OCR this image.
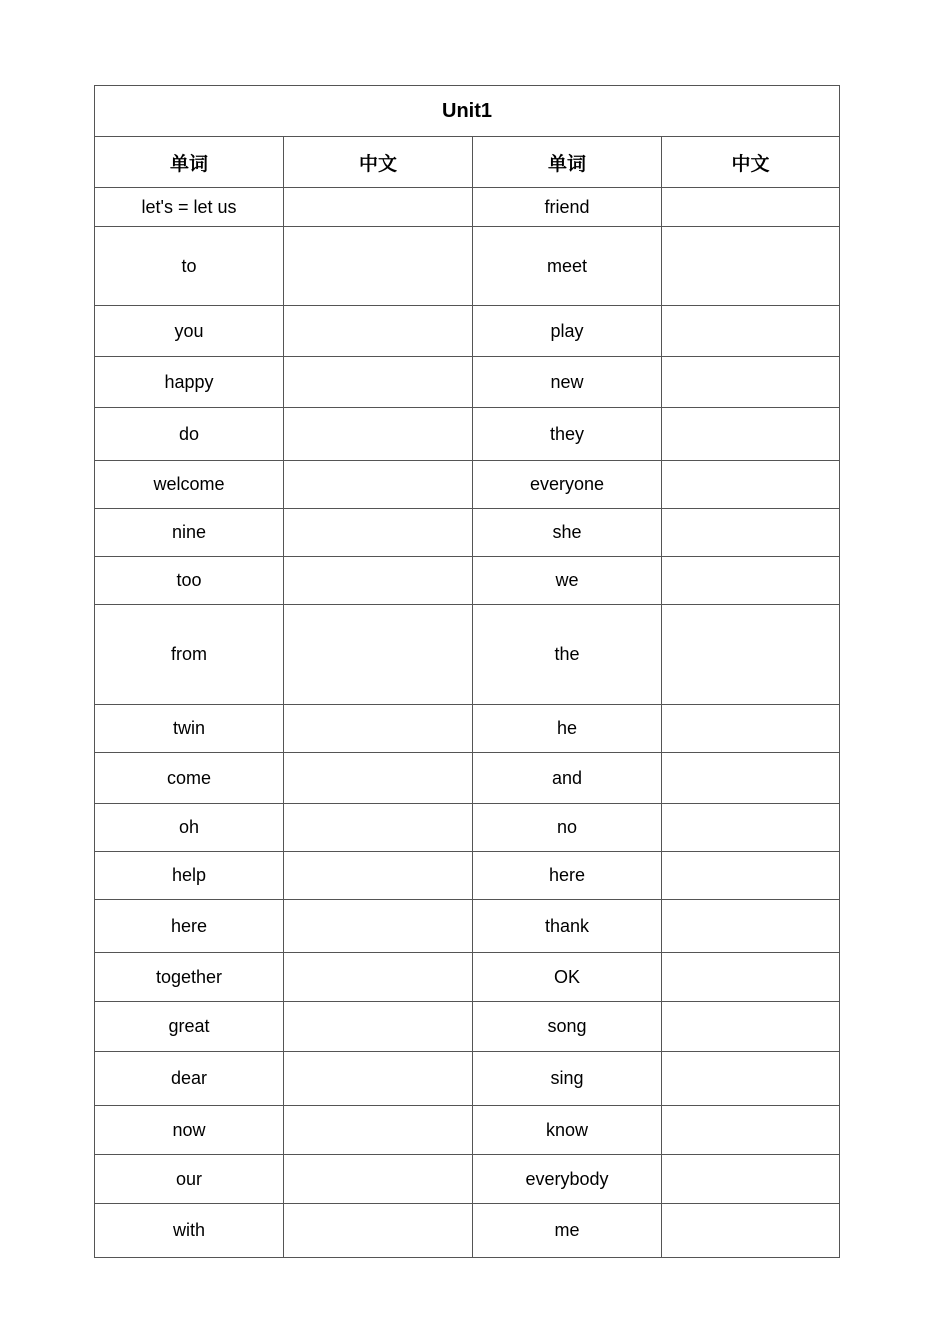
Unit1			
单词	中文	单词	中文
let's = let us		friend	
to		meet	
you		play	
happy		new	
do		they	
welcome		everyone	
nine		she	
too		we	
from		the	
twin		he	
come		and	
oh		no	
help		here	
here		thank	
together		OK	
great		song	
dear		sing	
now		know	
our		everybody	
with		me	
